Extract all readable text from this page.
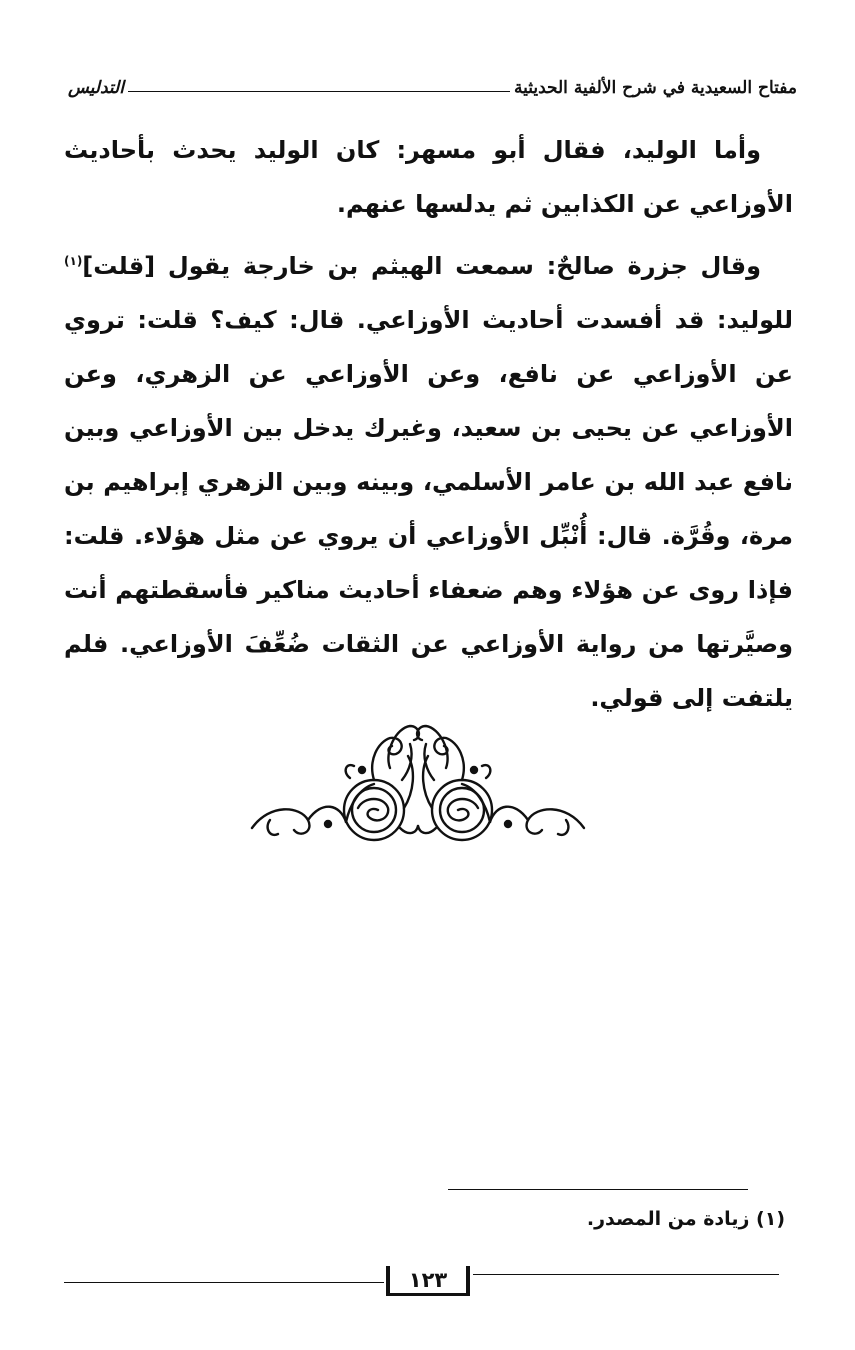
مفتاح السعيدية في شرح الألفية الحديثية
التدليس

وأما الوليد، فقال أبو مسهر: كان الوليد يحدث بأحاديث الأوزاعي عن الكذابين ثم يدلسها عنهم.

وقال جزرة صالحٌ: سمعت الهيثم بن خارجة يقول [قلت]$^{(١)}$ للوليد: قد أفسدت أحاديث الأوزاعي. قال: كيف؟ قلت: تروي عن الأوزاعي عن نافع، وعن الأوزاعي عن الزهري، وعن الأوزاعي عن يحيى بن سعيد، وغيرك يدخل بين الأوزاعي وبين نافع عبد الله بن عامر الأسلمي، وبينه وبين الزهري إبراهيم بن مرة، وقُرَّة. قال: أُنْبِّل الأوزاعي أن يروي عن مثل هؤلاء. قلت: فإذا روى عن هؤلاء وهم ضعفاء أحاديث مناكير فأسقطتهم أنت وصيَّرتها من رواية الأوزاعي عن الثقات ضُعِّفَ الأوزاعي. فلم يلتفت إلى قولي.

(١) زيادة من المصدر.
١٢٣
